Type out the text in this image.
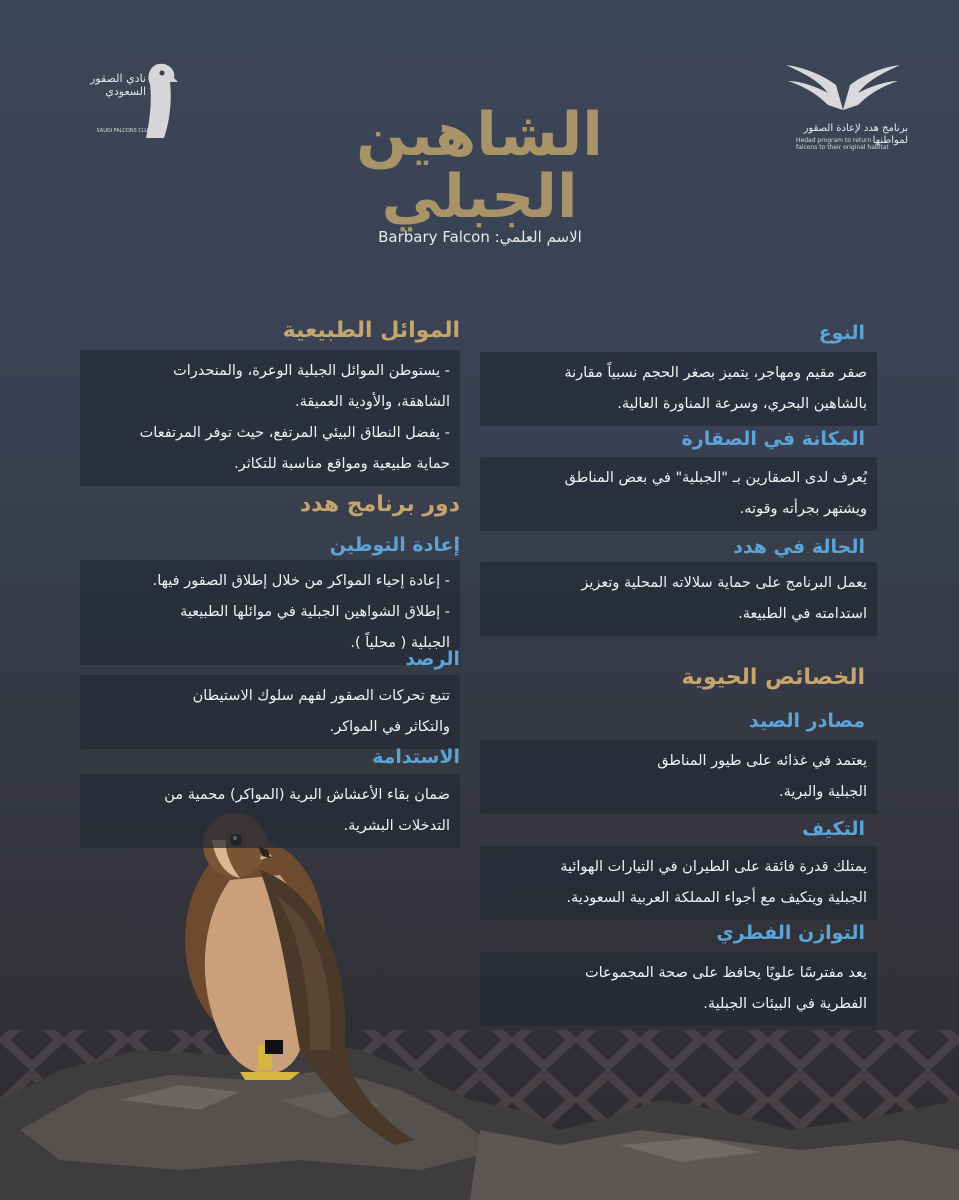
برنامج هدد لإعادة الصقور لمواطنها
Hedad program to return falcons to their original habitat
نادي الصقور السعودي
SAUDI FALCONS CLUB	الشاهين
الجبلي
الاسم العلمي: Barbary Falcon
النوع

صقر مقيم ومهاجر، يتميز بصغر الحجم نسبياً مقارنة

بالشاهين البحري، وسرعة المناورة العالية.

المكانة في الصقارة

يُعرف لدى الصقارين بـ "الجبلية" في بعض المناطق

ويشتهر بجرأته وقوته.

الحالة في هدد

يعمل البرنامج على حماية سلالاته المحلية وتعزيز

استدامته في الطبيعة.

الخصائص الحيوية
مصادر الصيد

يعتمد في غذائه على طيور المناطق

الجبلية والبرية.

التكيف

يمتلك قدرة فائقة على الطيران في التيارات الهوائية

الجبلية ويتكيف مع أجواء المملكة العربية السعودية.

التوازن الفطري

يعد مفترسًا علويًا يحافظ على صحة المجموعات

الفطرية في البيئات الجبلية.

الموائل الطبيعية

- يستوطن الموائل الجبلية الوعرة، والمنحدرات

الشاهقة، والأودية العميقة.

- يفضل النطاق البيئي المرتفع، حيث توفر المرتفعات

حماية طبيعية ومواقع مناسبة للتكاثر.

دور برنامج هدد
إعادة التوطين

- إعادة إحياء المواكر من خلال إطلاق الصقور فيها.

- إطلاق الشواهين الجبلية في موائلها الطبيعية

الجبلية ( محلياً ).

الرصد

تتبع تحركات الصقور لفهم سلوك الاستيطان

والتكاثر في المواكر.

الاستدامة

ضمان بقاء الأعشاش البرية (المواكر) محمية من

التدخلات البشرية.
